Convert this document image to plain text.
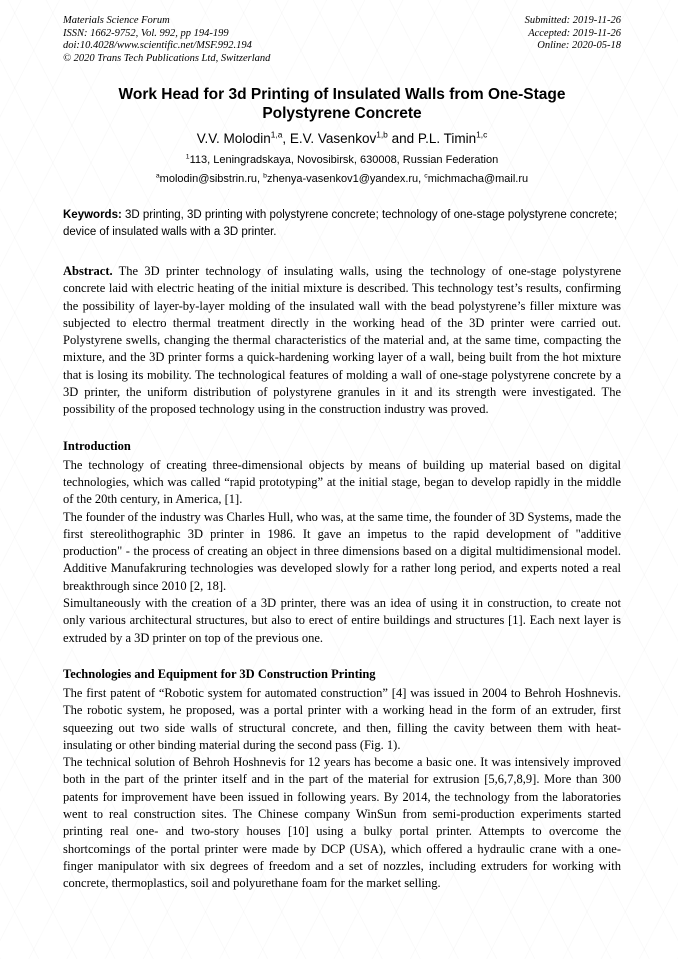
Materials Science Forum
ISSN: 1662-9752, Vol. 992, pp 194-199
doi:10.4028/www.scientific.net/MSF.992.194
© 2020 Trans Tech Publications Ltd, Switzerland
Submitted: 2019-11-26
Accepted: 2019-11-26
Online: 2020-05-18
Work Head for 3d Printing of Insulated Walls from One-Stage
Polystyrene Concrete
V.V. Molodin$^{1,a}$, E.V. Vasenkov$^{1,b}$ and P.L. Timin$^{1,c}$
$^1$113, Leningradskaya, Novosibirsk, 630008, Russian Federation
$^a$molodin@sibstrin.ru, $^b$zhenya-vasenkov1@yandex.ru, $^c$michmacha@mail.ru

Keywords: 3D printing, 3D printing with polystyrene concrete; technology of one-stage polystyrene concrete; device of insulated walls with a 3D printer.

Abstract. The 3D printer technology of insulating walls, using the technology of one-stage polystyrene concrete laid with electric heating of the initial mixture is described. This technology test’s results, confirming the possibility of layer-by-layer molding of the insulated wall with the bead polystyrene’s filler mixture was subjected to electro thermal treatment directly in the working head of the 3D printer were carried out. Polystyrene swells, changing the thermal characteristics of the material and, at the same time, compacting the mixture, and the 3D printer forms a quick-hardening working layer of a wall, being built from the hot mixture that is losing its mobility. The technological features of molding a wall of one-stage polystyrene concrete by a 3D printer, the uniform distribution of polystyrene granules in it and its strength were investigated. The possibility of the proposed technology using in the construction industry was proved.

Introduction

The technology of creating three-dimensional objects by means of building up material based on digital technologies, which was called “rapid prototyping” at the initial stage, began to develop rapidly in the middle of the 20th century, in America, [1].

The founder of the industry was Charles Hull, who was, at the same time, the founder of 3D Systems, made the first stereolithographic 3D printer in 1986. It gave an impetus to the rapid development of "additive production" - the process of creating an object in three dimensions based on a digital multidimensional model. Additive Manufakruring technologies was developed slowly for a rather long period, and experts noted a real breakthrough since 2010 [2, 18].

Simultaneously with the creation of a 3D printer, there was an idea of using it in construction, to create not only various architectural structures, but also to erect of entire buildings and structures [1]. Each next layer is extruded by a 3D printer on top of the previous one.

Technologies and Equipment for 3D Construction Printing

The first patent of “Robotic system for automated construction” [4] was issued in 2004 to Behroh Hoshnevis. The robotic system, he proposed, was a portal printer with a working head in the form of an extruder, first squeezing out two side walls of structural concrete, and then, filling the cavity between them with heat-insulating or other binding material during the second pass (Fig. 1).

The technical solution of Behroh Hoshnevis for 12 years has become a basic one. It was intensively improved both in the part of the printer itself and in the part of the material for extrusion [5,6,7,8,9]. More than 300 patents for improvement have been issued in following years. By 2014, the technology from the laboratories went to real construction sites. The Chinese company WinSun from semi-production experiments started printing real one- and two-story houses [10] using a bulky portal printer. Attempts to overcome the shortcomings of the portal printer were made by DCP (USA), which offered a hydraulic crane with a one-finger manipulator with six degrees of freedom and a set of nozzles, including extruders for working with concrete, thermoplastics, soil and polyurethane foam for the market selling.
